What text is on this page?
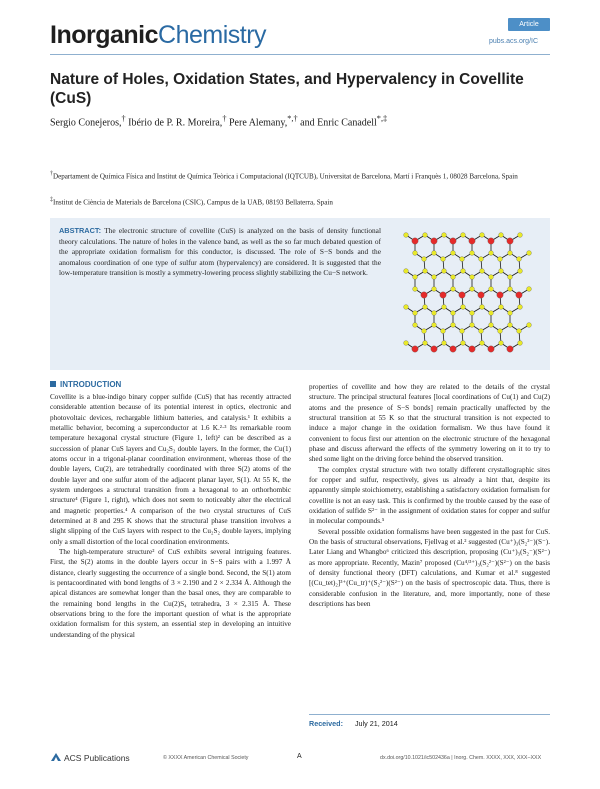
InorganicChemistry	Article
pubs.acs.org/IC
Nature of Holes, Oxidation States, and Hypervalency in Covellite (CuS)
Sergio Conejeros,† Ibério de P. R. Moreira,† Pere Alemany,*,† and Enric Canadell*,‡
†Departament de Química Física and Institut de Química Teòrica i Computacional (IQTCUB), Universitat de Barcelona, Martí i Franquès 1, 08028 Barcelona, Spain
‡Institut de Ciència de Materials de Barcelona (CSIC), Campus de la UAB, 08193 Bellaterra, Spain
ABSTRACT: The electronic structure of covellite (CuS) is analyzed on the basis of density functional theory calculations. The nature of holes in the valence band, as well as the so far much debated question of the appropriate oxidation formalism for this conductor, is discussed. The role of S−S bonds and the anomalous coordination of one type of sulfur atom (hypervalency) are considered. It is suggested that the low-temperature transition is mostly a symmetry-lowering process slightly stabilizing the Cu−S network.
INTRODUCTION

Covellite is a blue-indigo binary copper sulfide (CuS) that has recently attracted considerable attention because of its potential interest in optics, electronic and photovoltaic devices, rechargable lithium batteries, and catalysis.¹ It exhibits a metallic behavior, becoming a superconductor at 1.6 K.²·³ Its remarkable room temperature hexagonal crystal structure (Figure 1, left)² can be described as a succession of planar CuS layers and Cu₂S₂ double layers. In the former, the Cu(1) atoms occur in a trigonal-planar coordination environment, whereas those of the double layers, Cu(2), are tetrahedrally coordinated with three S(2) atoms of the double layer and one sulfur atom of the adjacent planar layer, S(1). At 55 K, the system undergoes a structural transition from a hexagonal to an orthorhombic structure⁴ (Figure 1, right), which does not seem to noticeably alter the electrical and magnetic properties.⁴ A comparison of the two crystal structures of CuS determined at 8 and 295 K shows that the structural phase transition involves a slight slipping of the CuS layers with respect to the Cu₂S₂ double layers, implying only a small distortion of the local coordination environments.

The high-temperature structure² of CuS exhibits several intriguing features. First, the S(2) atoms in the double layers occur in S−S pairs with a 1.997 Å distance, clearly suggesting the occurrence of a single bond. Second, the S(1) atom is pentacoordinated with bond lengths of 3 × 2.190 and 2 × 2.334 Å. Although the apical distances are somewhat longer than the basal ones, they are comparable to the remaining bond lengths in the Cu(2)S₄ tetrahedra, 3 × 2.315 Å. These observations bring to the fore the important question of what is the appropriate oxidation formalism for this system, an essential step in developing an intuitive understanding of the physical

properties of covellite and how they are related to the details of the crystal structure. The principal structural features [local coordinations of Cu(1) and Cu(2) atoms and the presence of S−S bonds] remain practically unaffected by the structural transition at 55 K so that the structural transition is not expected to induce a major change in the oxidation formalism. We thus have found it convenient to focus first our attention on the electronic structure of the hexagonal phase and discuss afterward the effects of the symmetry lowering on it to try to shed some light on the driving force behind the observed transition.

The complex crystal structure with two totally different crystallographic sites for copper and sulfur, respectively, gives us already a hint that, despite its apparently simple stoichiometry, establishing a satisfactory oxidation formalism for covellite is not an easy task. This is confirmed by the trouble caused by the ease of oxidation of sulfide S²⁻ in the assignment of oxidation states for copper and sulfur in molecular compounds.⁵

Several possible oxidation formalisms have been suggested in the past for CuS. On the basis of structural observations, Fjellvag et al.² suggested (Cu⁺)₃(S₂²⁻)(S⁻). Later Liang and Whangbo⁶ criticized this description, proposing (Cu⁺)₃(S₂⁻)(S²⁻) as more appropriate. Recently, Mazin⁷ proposed (Cu⁴/³⁺)₃(S₂²⁻)(S²⁻) on the basis of density functional theory (DFT) calculations, and Kumar et al.⁸ suggested [(Cu_tet)₂]³⁺(Cu_tr)⁺(S₂²⁻)(S²⁻) on the basis of spectroscopic data. Thus, there is considerable confusion in the literature, and, more importantly, none of these descriptions has been

Received: July 21, 2014
ACS Publications	© XXXX American Chemical Society	A	dx.doi.org/10.1021/ic502436a | Inorg. Chem. XXXX, XXX, XXX−XXX
